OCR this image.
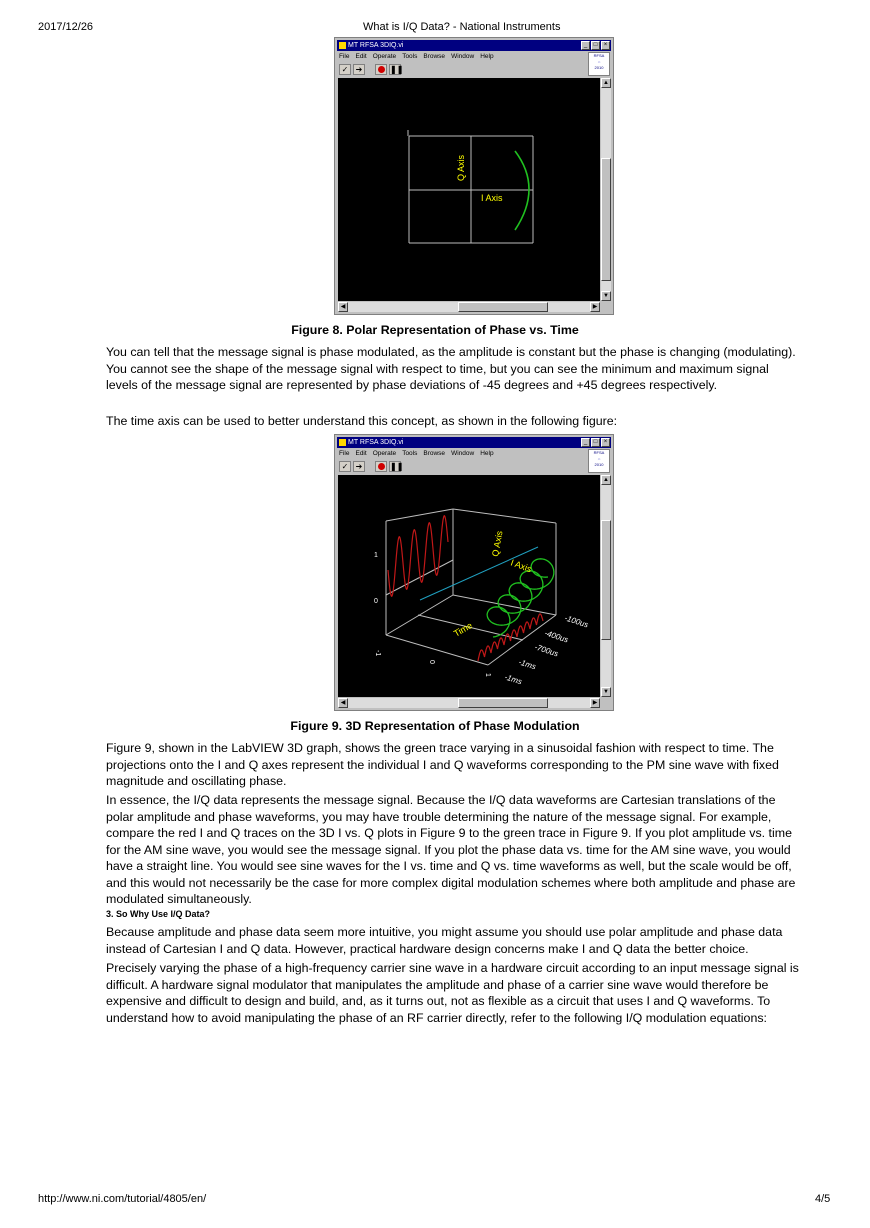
2017/12/26	What is I/Q Data? - National Instruments
MT RFSA 3DIQ.vi	_	□	×
File Edit Operate Tools Browse Window Help
✓ ➔	❚❚
RFSA
⇔
2010
Q Axis
I Axis
▲
▼
◀	▶
Figure 8. Polar Representation of Phase vs. Time
You can tell that the message signal is phase modulated, as the amplitude is constant but the phase is changing (modulating).
You cannot see the shape of the message signal with respect to time, but you can see the minimum and maximum signal
levels of the message signal are represented by phase deviations of -45 degrees and +45 degrees respectively.
The time axis can be used to better understand this concept, as shown in the following figure:
MT RFSA 3DIQ.vi	_	□	×
File Edit Operate Tools Browse Window Help
✓ ➔	❚❚
RFSA
⇔
2010
Q Axis
I Axis
Time
1
0
-1
0
1
-100us
-400us
-700us
-1ms
-1ms
▲
▼
◀	▶
Figure 9. 3D Representation of Phase Modulation
Figure 9, shown in the LabVIEW 3D graph, shows the green trace varying in a sinusoidal fashion with respect to time. The
projections onto the I and Q axes represent the individual I and Q waveforms corresponding to the PM sine wave with fixed
magnitude and oscillating phase.
In essence, the I/Q data represents the message signal. Because the I/Q data waveforms are Cartesian translations of the
polar amplitude and phase waveforms, you may have trouble determining the nature of the message signal. For example,
compare the red I and Q traces on the 3D I vs. Q plots in Figure 9 to the green trace in Figure 9. If you plot amplitude vs. time
for the AM sine wave, you would see the message signal. If you plot the phase data vs. time for the AM sine wave, you would
have a straight line. You would see sine waves for the I vs. time and Q vs. time waveforms as well, but the scale would be off,
and this would not necessarily be the case for more complex digital modulation schemes where both amplitude and phase are
modulated simultaneously.
3. So Why Use I/Q Data?
Because amplitude and phase data seem more intuitive, you might assume you should use polar amplitude and phase data
instead of Cartesian I and Q data. However, practical hardware design concerns make I and Q data the better choice.
Precisely varying the phase of a high-frequency carrier sine wave in a hardware circuit according to an input message signal is
difficult. A hardware signal modulator that manipulates the amplitude and phase of a carrier sine wave would therefore be
expensive and difficult to design and build, and, as it turns out, not as flexible as a circuit that uses I and Q waveforms. To
understand how to avoid manipulating the phase of an RF carrier directly, refer to the following I/Q modulation equations:
http://www.ni.com/tutorial/4805/en/	4/5
